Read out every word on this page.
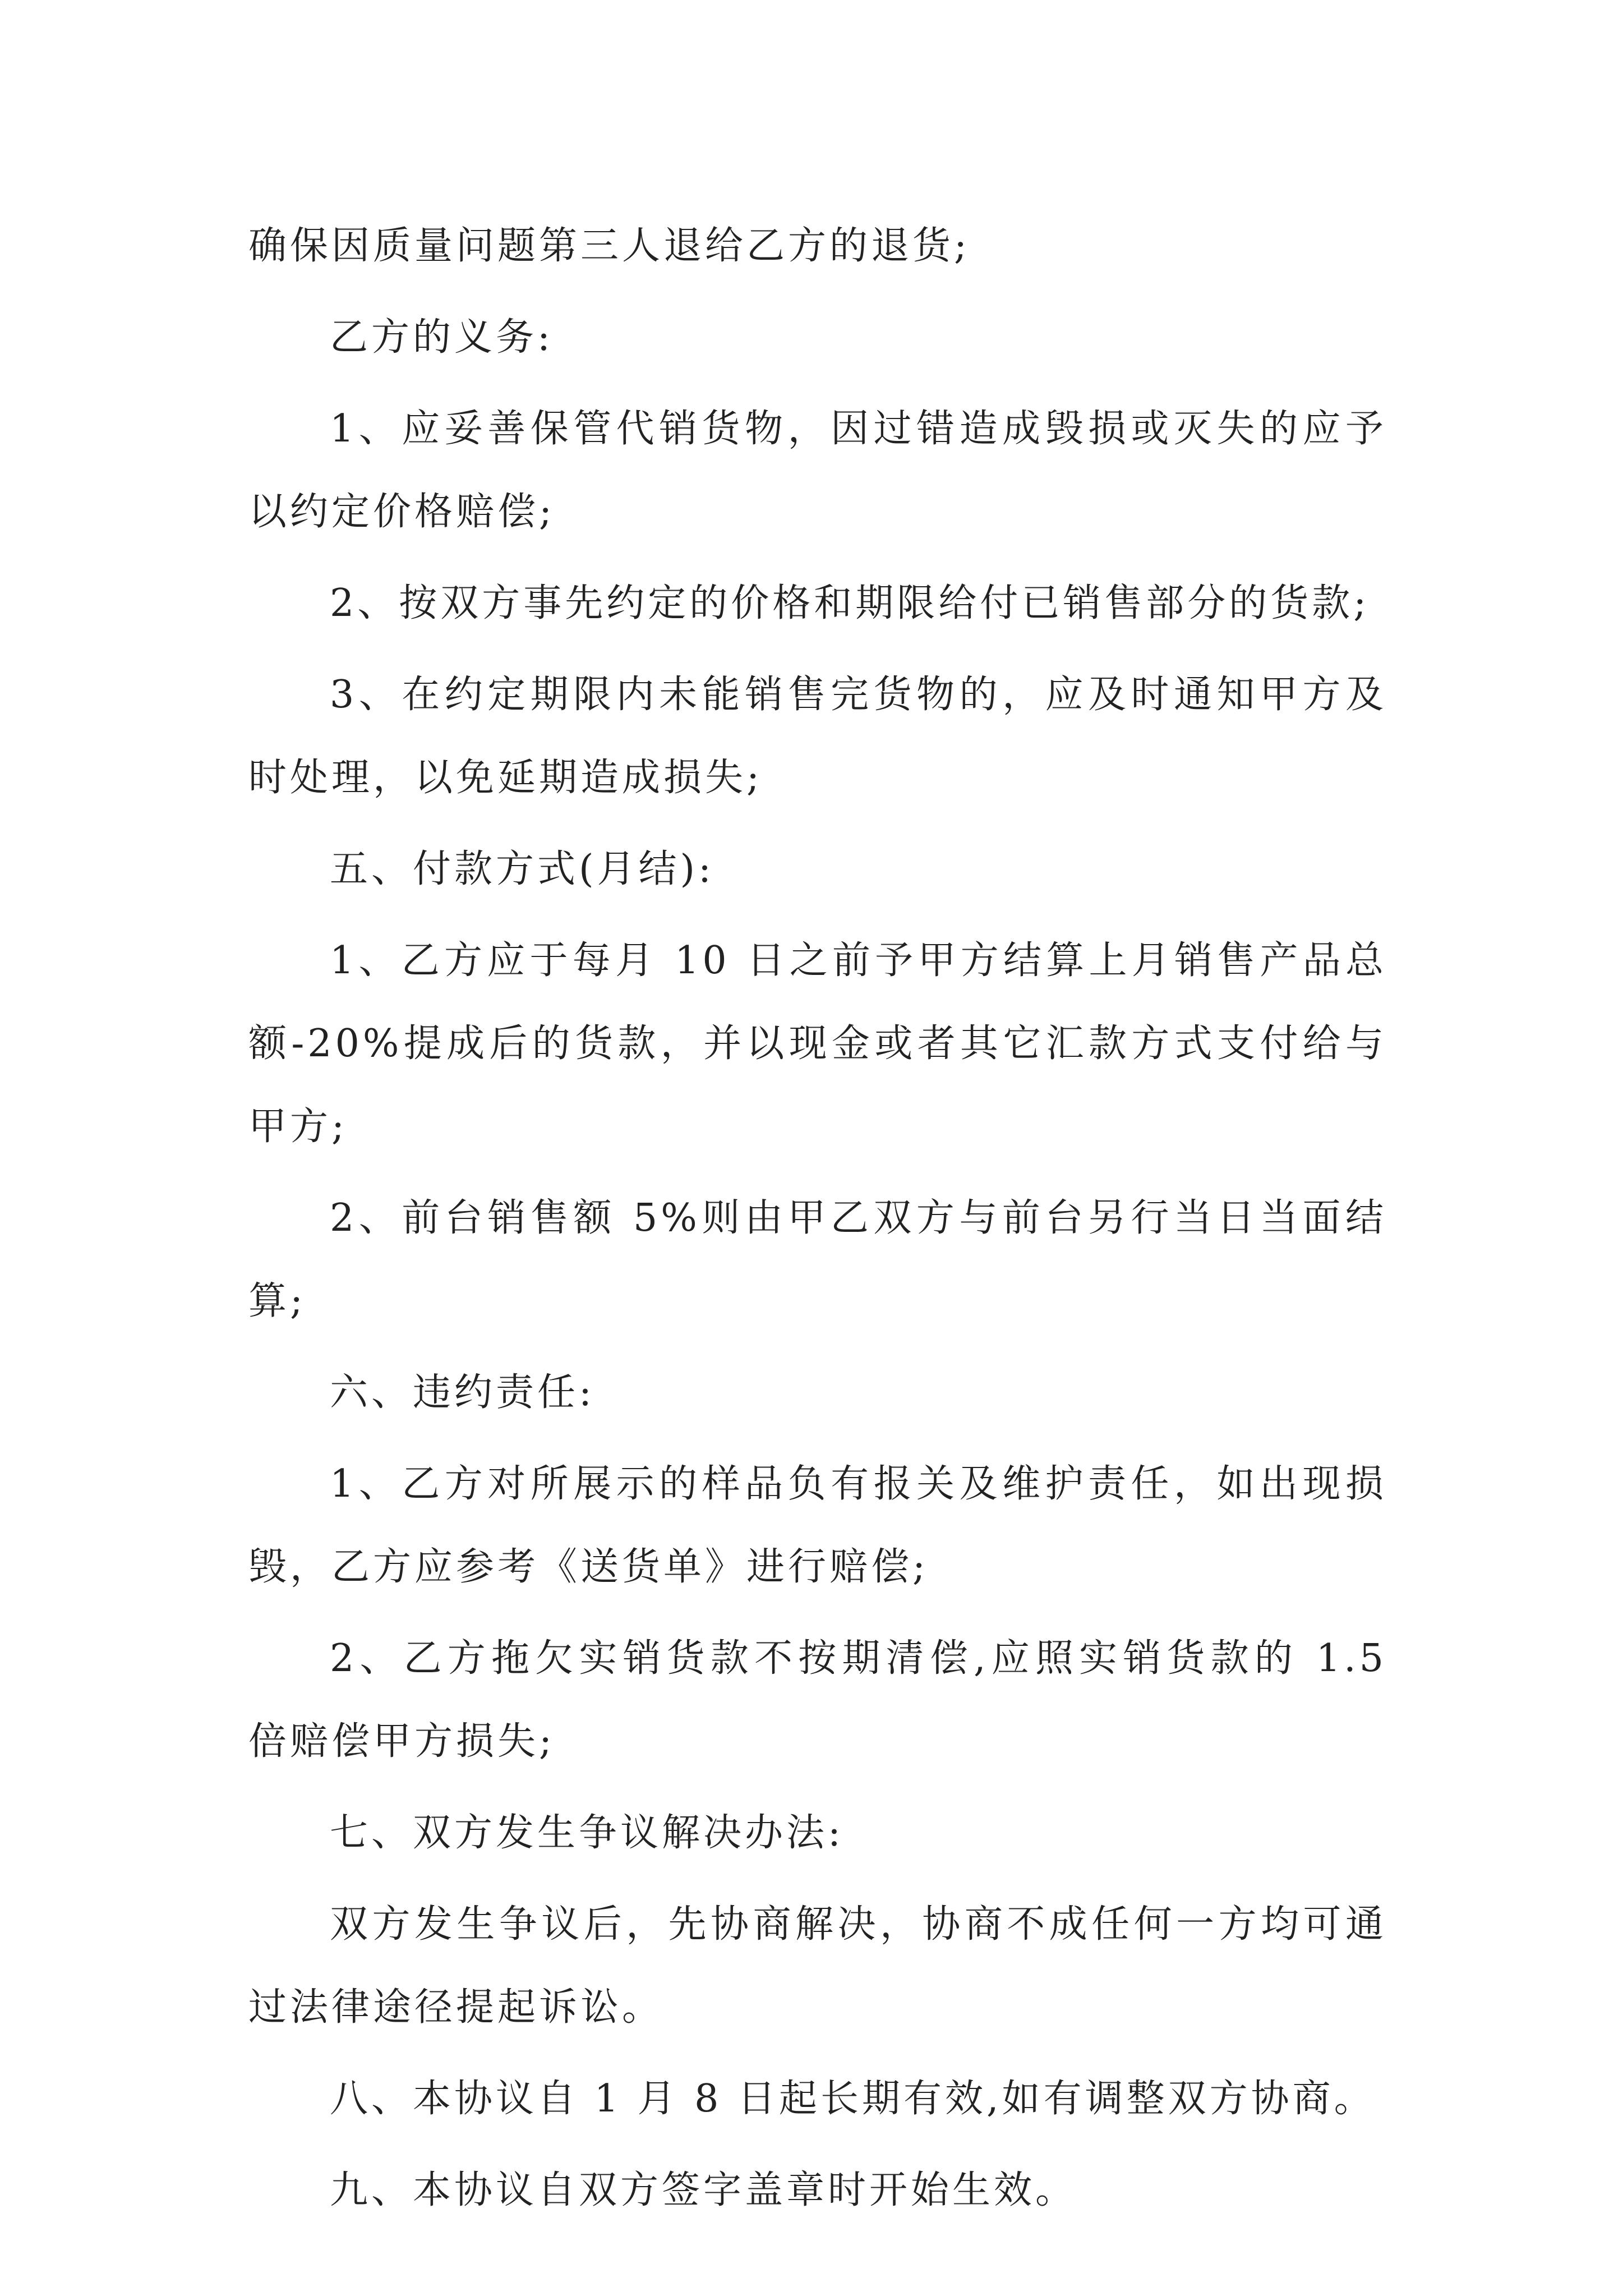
确保因质量问题第三人退给乙方的退货;

乙方的义务:

1、应妥善保管代销货物，因过错造成毁损或灭失的应予以约定价格赔偿;

2、按双方事先约定的价格和期限给付已销售部分的货款;

3、在约定期限内未能销售完货物的，应及时通知甲方及时处理，以免延期造成损失;

五、付款方式(月结):

1、乙方应于每月 10 日之前予甲方结算上月销售产品总额-20%提成后的货款，并以现金或者其它汇款方式支付给与甲方;

2、前台销售额 5%则由甲乙双方与前台另行当日当面结算;

六、违约责任:

1、乙方对所展示的样品负有报关及维护责任，如出现损毁，乙方应参考《送货单》进行赔偿;

2、乙方拖欠实销货款不按期清偿,应照实销货款的 1.5 倍赔偿甲方损失;

七、双方发生争议解决办法:

双方发生争议后，先协商解决，协商不成任何一方均可通过法律途径提起诉讼。

八、本协议自 1 月 8 日起长期有效,如有调整双方协商。

九、本协议自双方签字盖章时开始生效。
